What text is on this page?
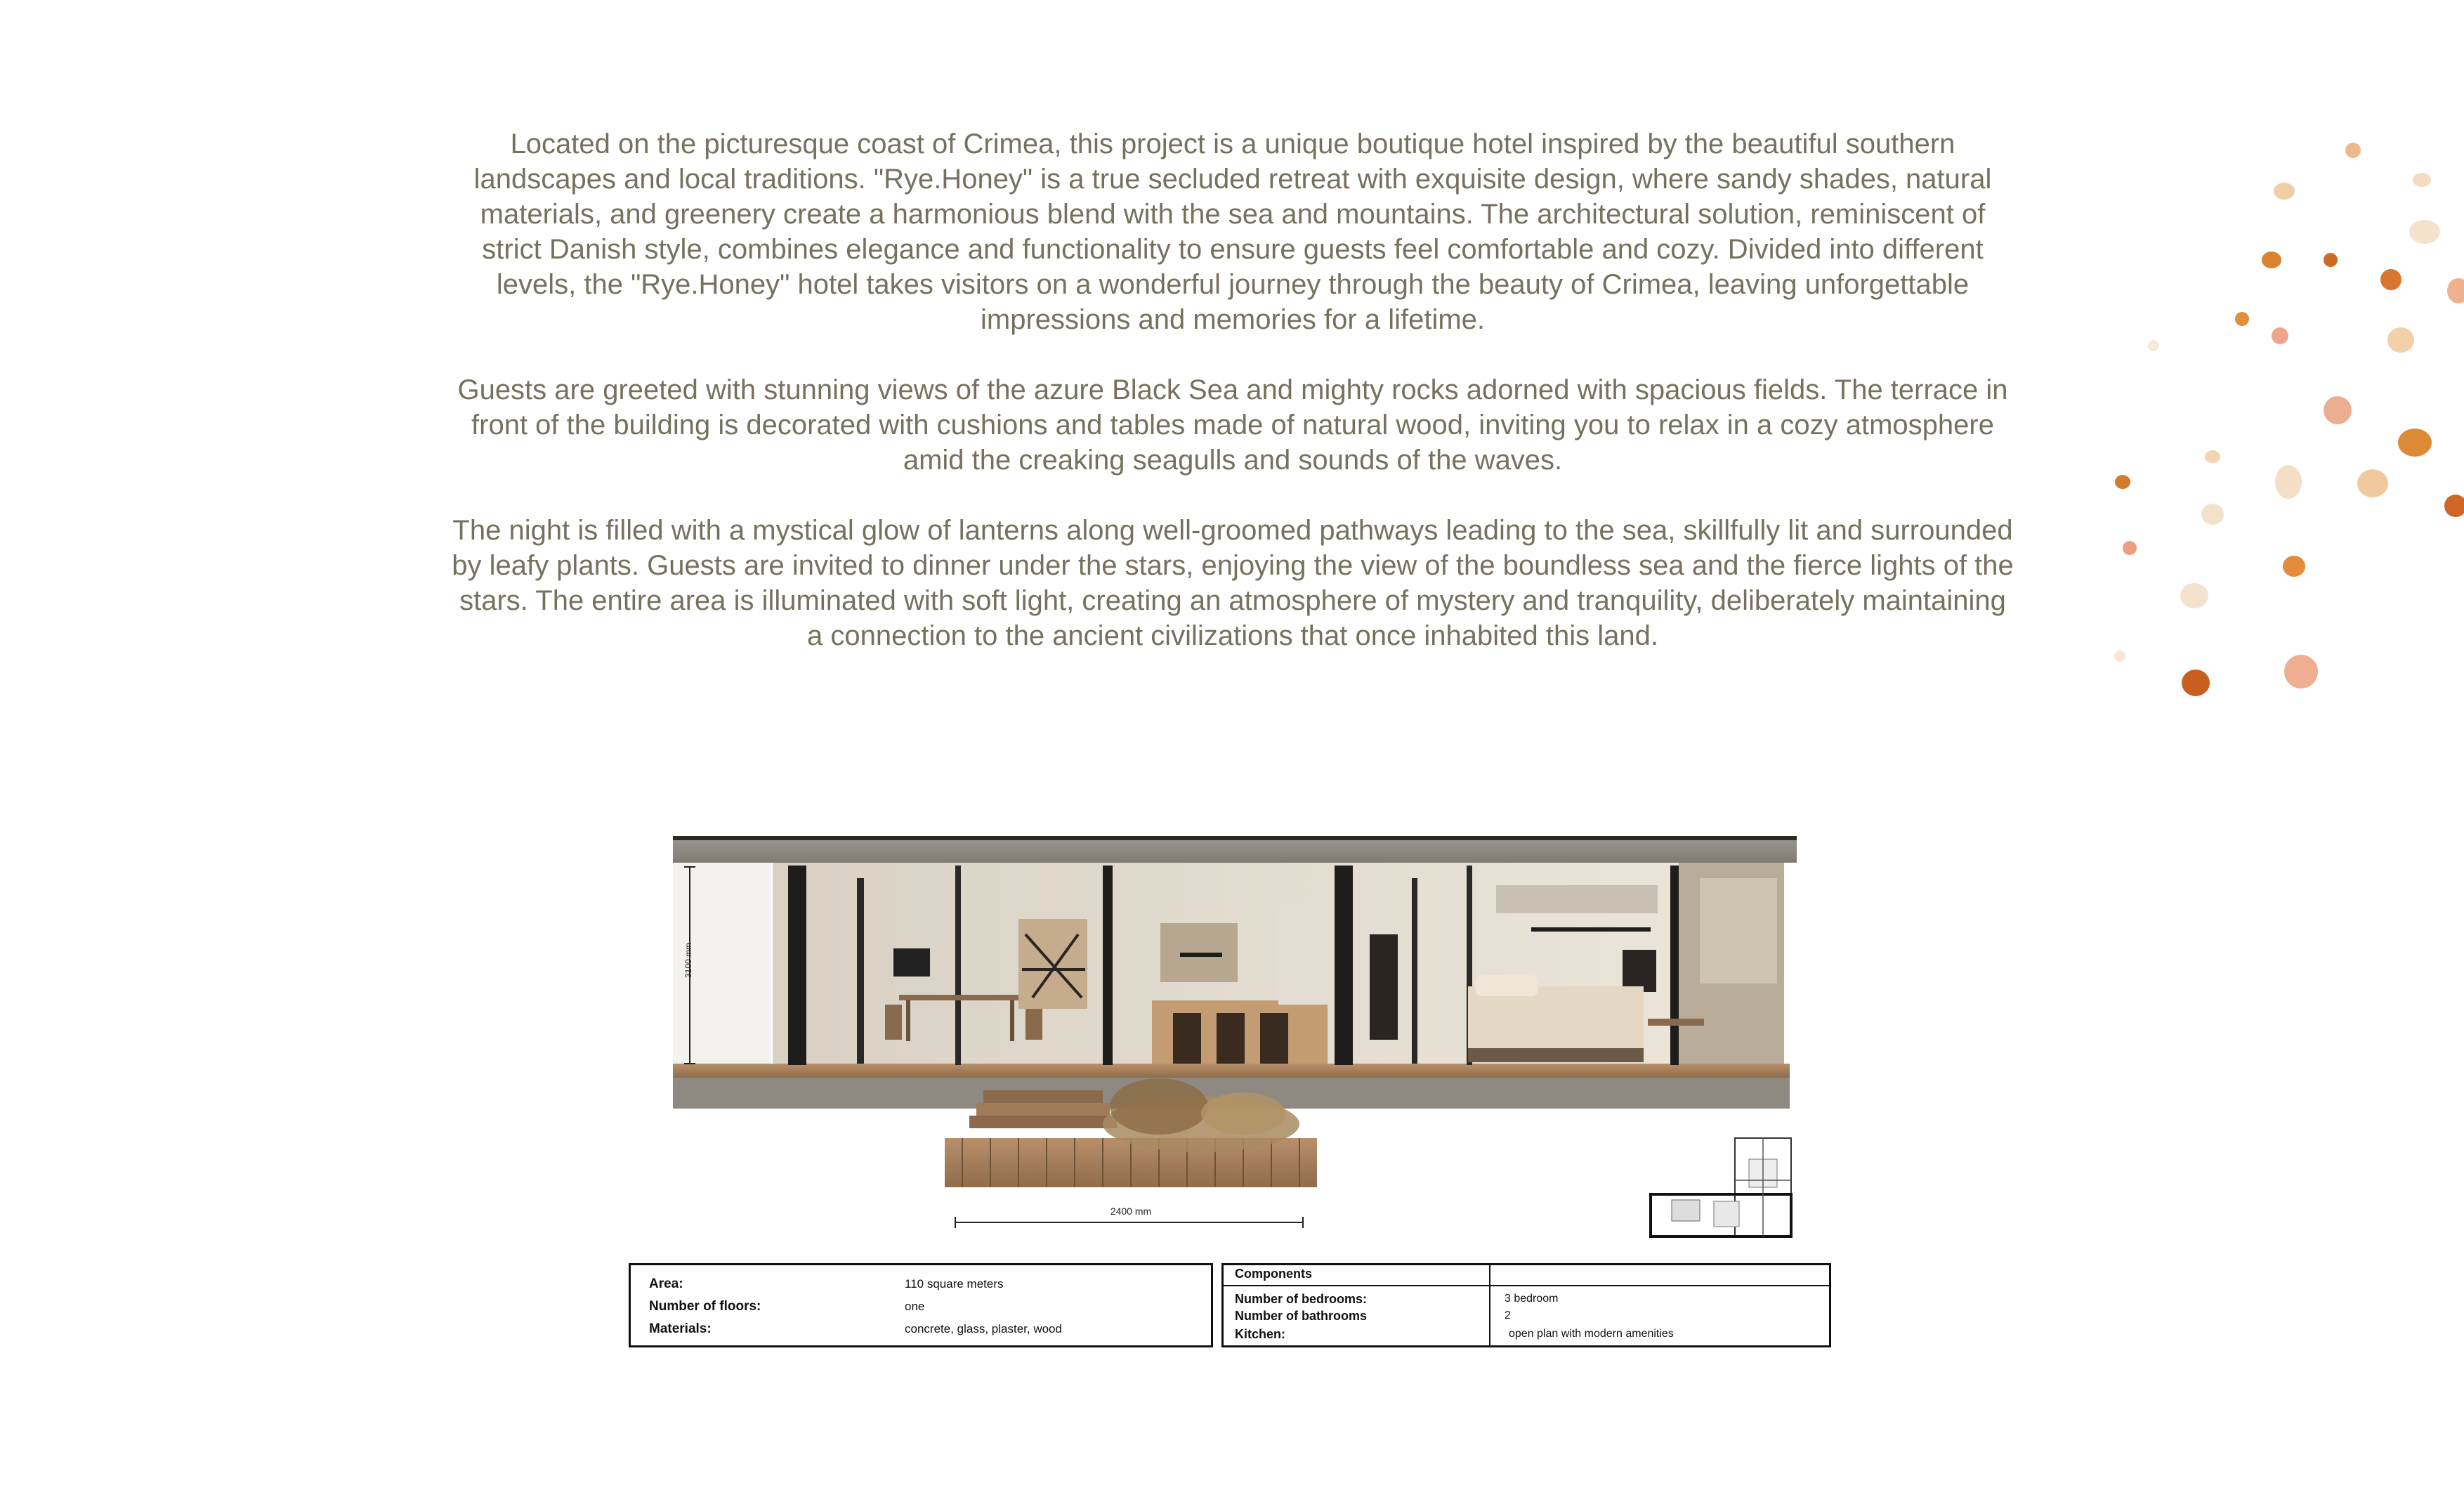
Located on the picturesque coast of Crimea, this project is a unique boutique hotel inspired by the beautiful southern landscapes and local traditions. "Rye.Honey" is a true secluded retreat with exquisite design, where sandy shades, natural materials, and greenery create a harmonious blend with the sea and mountains. The architectural solution, reminiscent of strict Danish style, combines elegance and functionality to ensure guests feel comfortable and cozy. Divided into different levels, the "Rye.Honey" hotel takes visitors on a wonderful journey through the beauty of Crimea, leaving unforgettable impressions and memories for a lifetime.

Guests are greeted with stunning views of the azure Black Sea and mighty rocks adorned with spacious fields. The terrace in front of the building is decorated with cushions and tables made of natural wood, inviting you to relax in a cozy atmosphere amid the creaking seagulls and sounds of the waves.

The night is filled with a mystical glow of lanterns along well-groomed pathways leading to the sea, skillfully lit and surrounded by leafy plants. Guests are invited to dinner under the stars, enjoying the view of the boundless sea and the fierce lights of the stars. The entire area is illuminated with soft light, creating an atmosphere of mystery and tranquility, deliberately maintaining a connection to the ancient civilizations that once inhabited this land.

3100 mm
2400 mm
Area:	110 square meters
Number of floors:	one
Materials:	concrete, glass, plaster, wood
Components
Number of bedrooms:	3 bedroom
Number of bathrooms	2
Kitchen:	open plan with modern amenities
